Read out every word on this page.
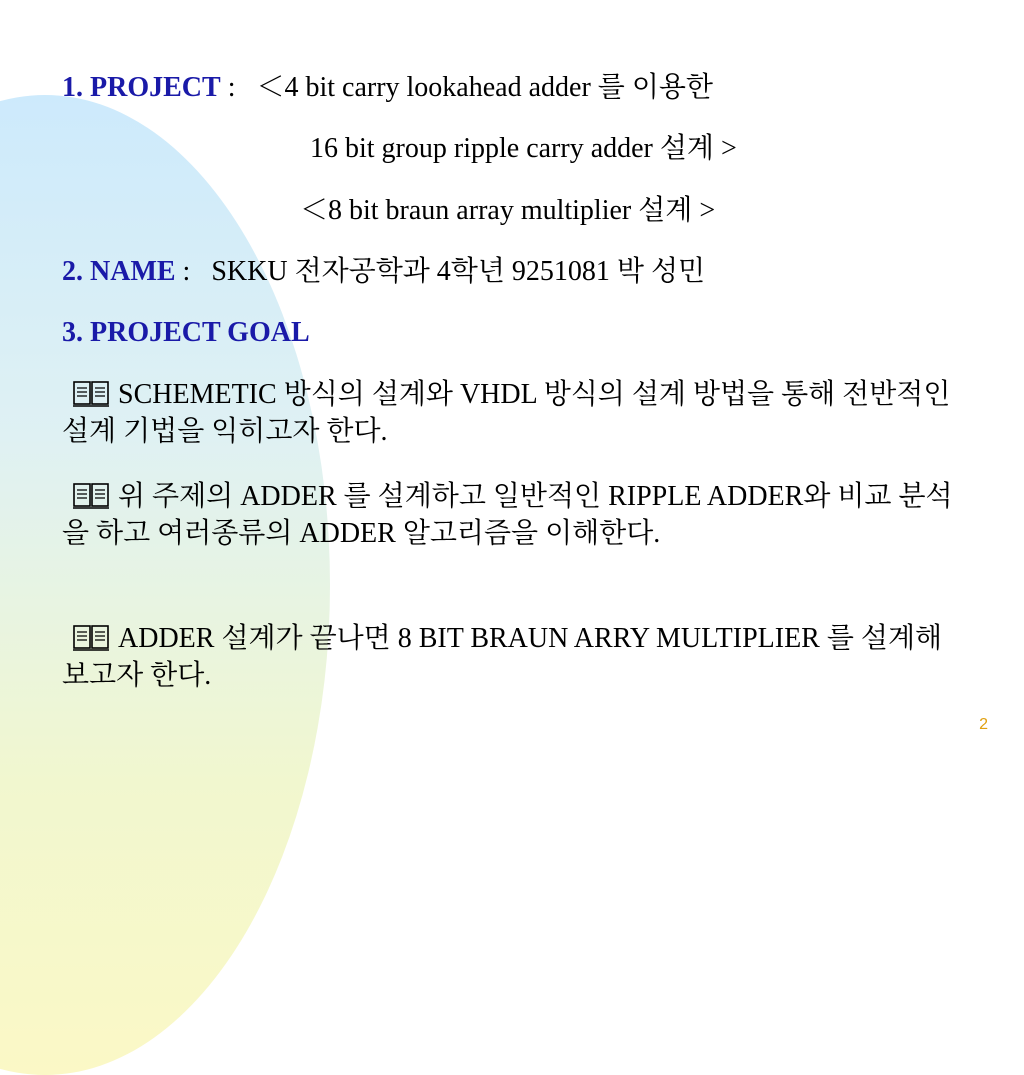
1. PROJECT : ＜4 bit carry lookahead adder 를 이용한
16 bit group ripple carry adder 설계 >
＜8 bit braun array multiplier 설계 >
2. NAME : SKKU 전자공학과 4학년 9251081 박 성민
3. PROJECT GOAL
SCHEMETIC 방식의 설계와 VHDL 방식의 설계 방법을 통해 전반적인 설계 기법을 익히고자 한다.
위 주제의 ADDER 를 설계하고 일반적인 RIPPLE ADDER와 비교 분석을 하고 여러종류의 ADDER 알고리즘을 이해한다.
ADDER 설계가 끝나면 8 BIT BRAUN ARRY MULTIPLIER 를 설계해보고자 한다.
2
